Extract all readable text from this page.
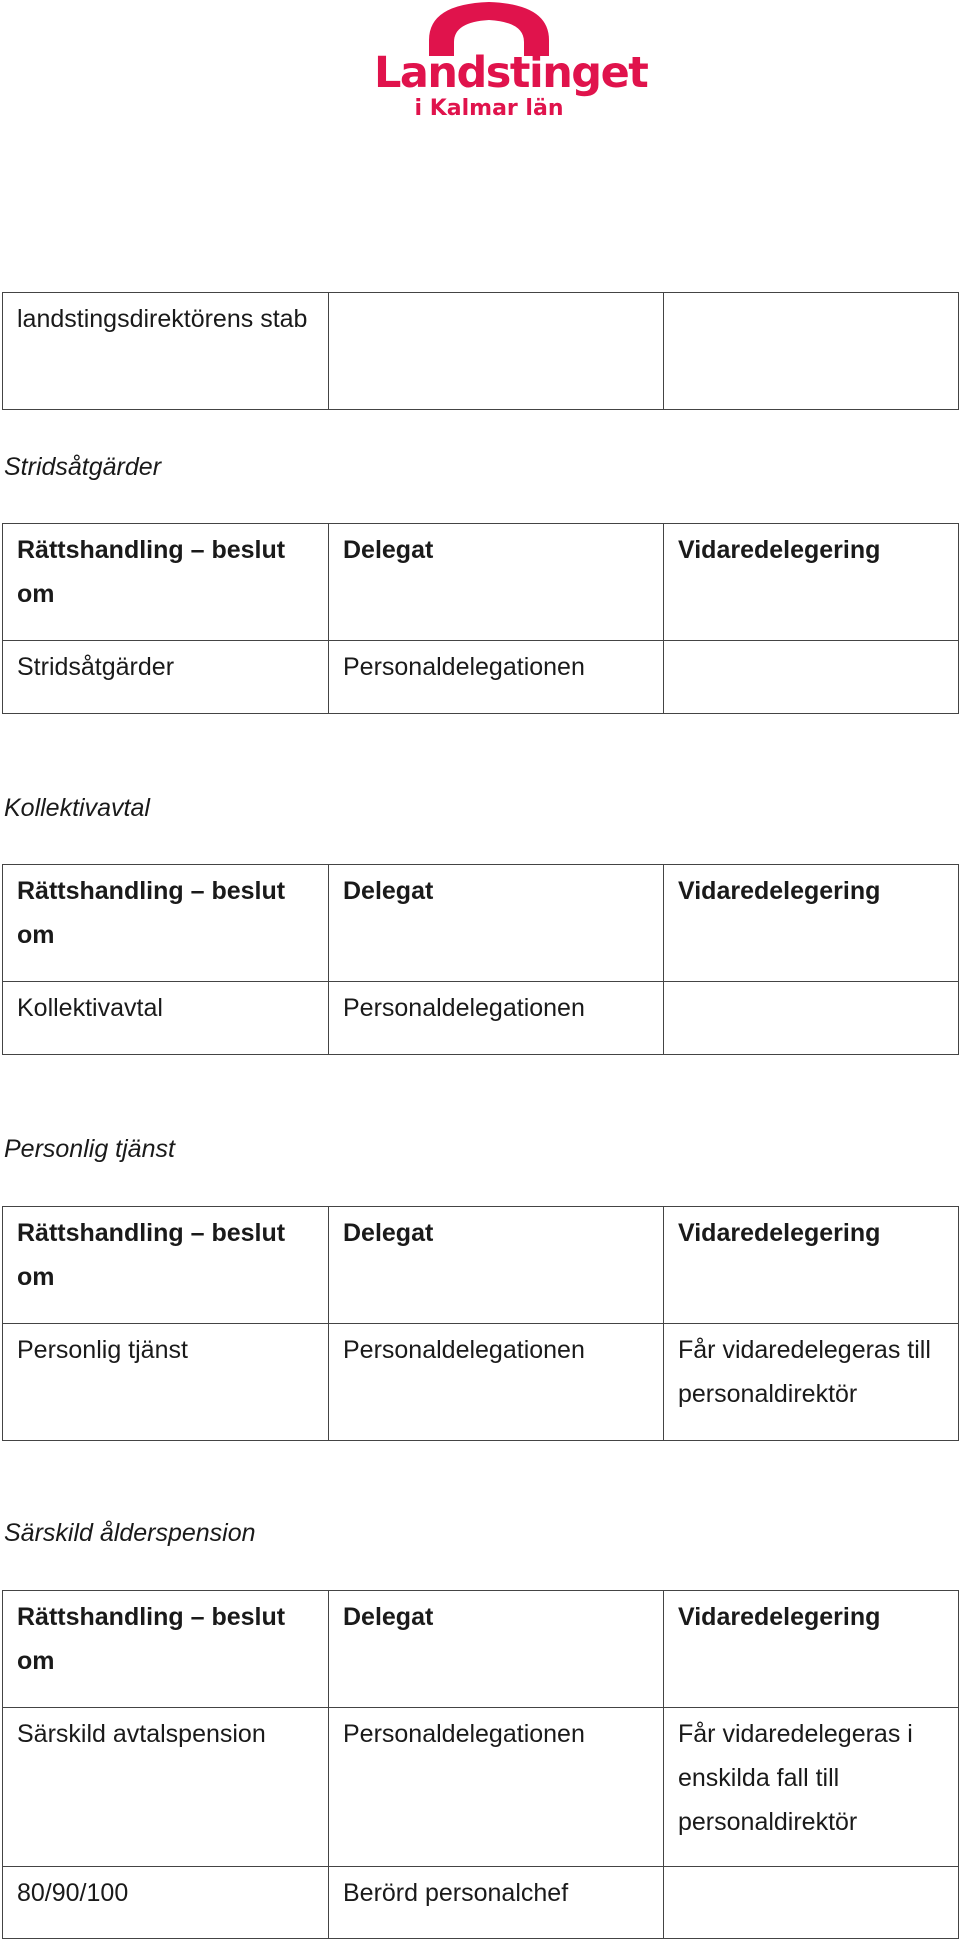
Landstinget
i Kalmar län
landstingsdirektörens stab		
Stridsåtgärder
Rättshandling – beslut om	Delegat	Vidaredelegering
Stridsåtgärder	Personaldelegationen	
Kollektivavtal
Rättshandling – beslut om	Delegat	Vidaredelegering
Kollektivavtal	Personaldelegationen	
Personlig tjänst
Rättshandling – beslut om	Delegat	Vidaredelegering
Personlig tjänst	Personaldelegationen	Får vidaredelegeras till personaldirektör
Särskild ålderspension
Rättshandling – beslut om	Delegat	Vidaredelegering
Särskild avtalspension	Personaldelegationen	Får vidaredelegeras i enskilda fall till personaldirektör
80/90/100	Berörd personalchef	
